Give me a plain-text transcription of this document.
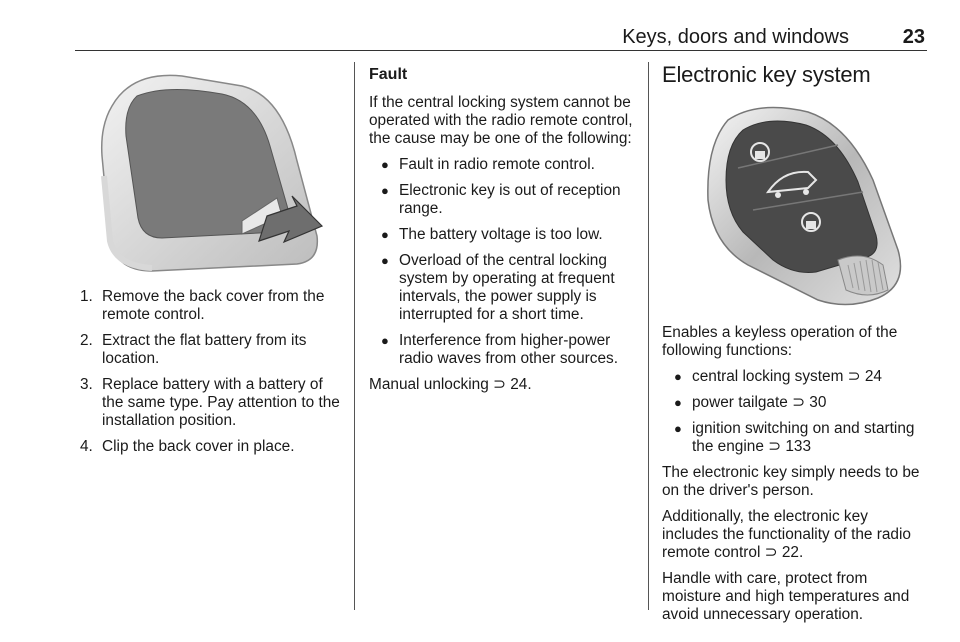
Keys, doors and windows	23
1. Remove the back cover from the remote control.
2. Extract the flat battery from its location.
3. Replace battery with a battery of the same type. Pay attention to the installation position.
4. Clip the back cover in place.
Fault

If the central locking system cannot be operated with the radio remote control, the cause may be one of the following:

● Fault in radio remote control.
● Electronic key is out of reception range.
● The battery voltage is too low.
● Overload of the central locking system by operating at frequent intervals, the power supply is interrupted for a short time.
● Interference from higher-power radio waves from other sources.

Manual unlocking ⊃ 24.

Electronic key system

Enables a keyless operation of the following functions:

● central locking system ⊃ 24
● power tailgate ⊃ 30
● ignition switching on and starting the engine ⊃ 133

The electronic key simply needs to be on the driver's person.

Additionally, the electronic key includes the functionality of the radio remote control ⊃ 22.

Handle with care, protect from moisture and high temperatures and avoid unnecessary operation.
